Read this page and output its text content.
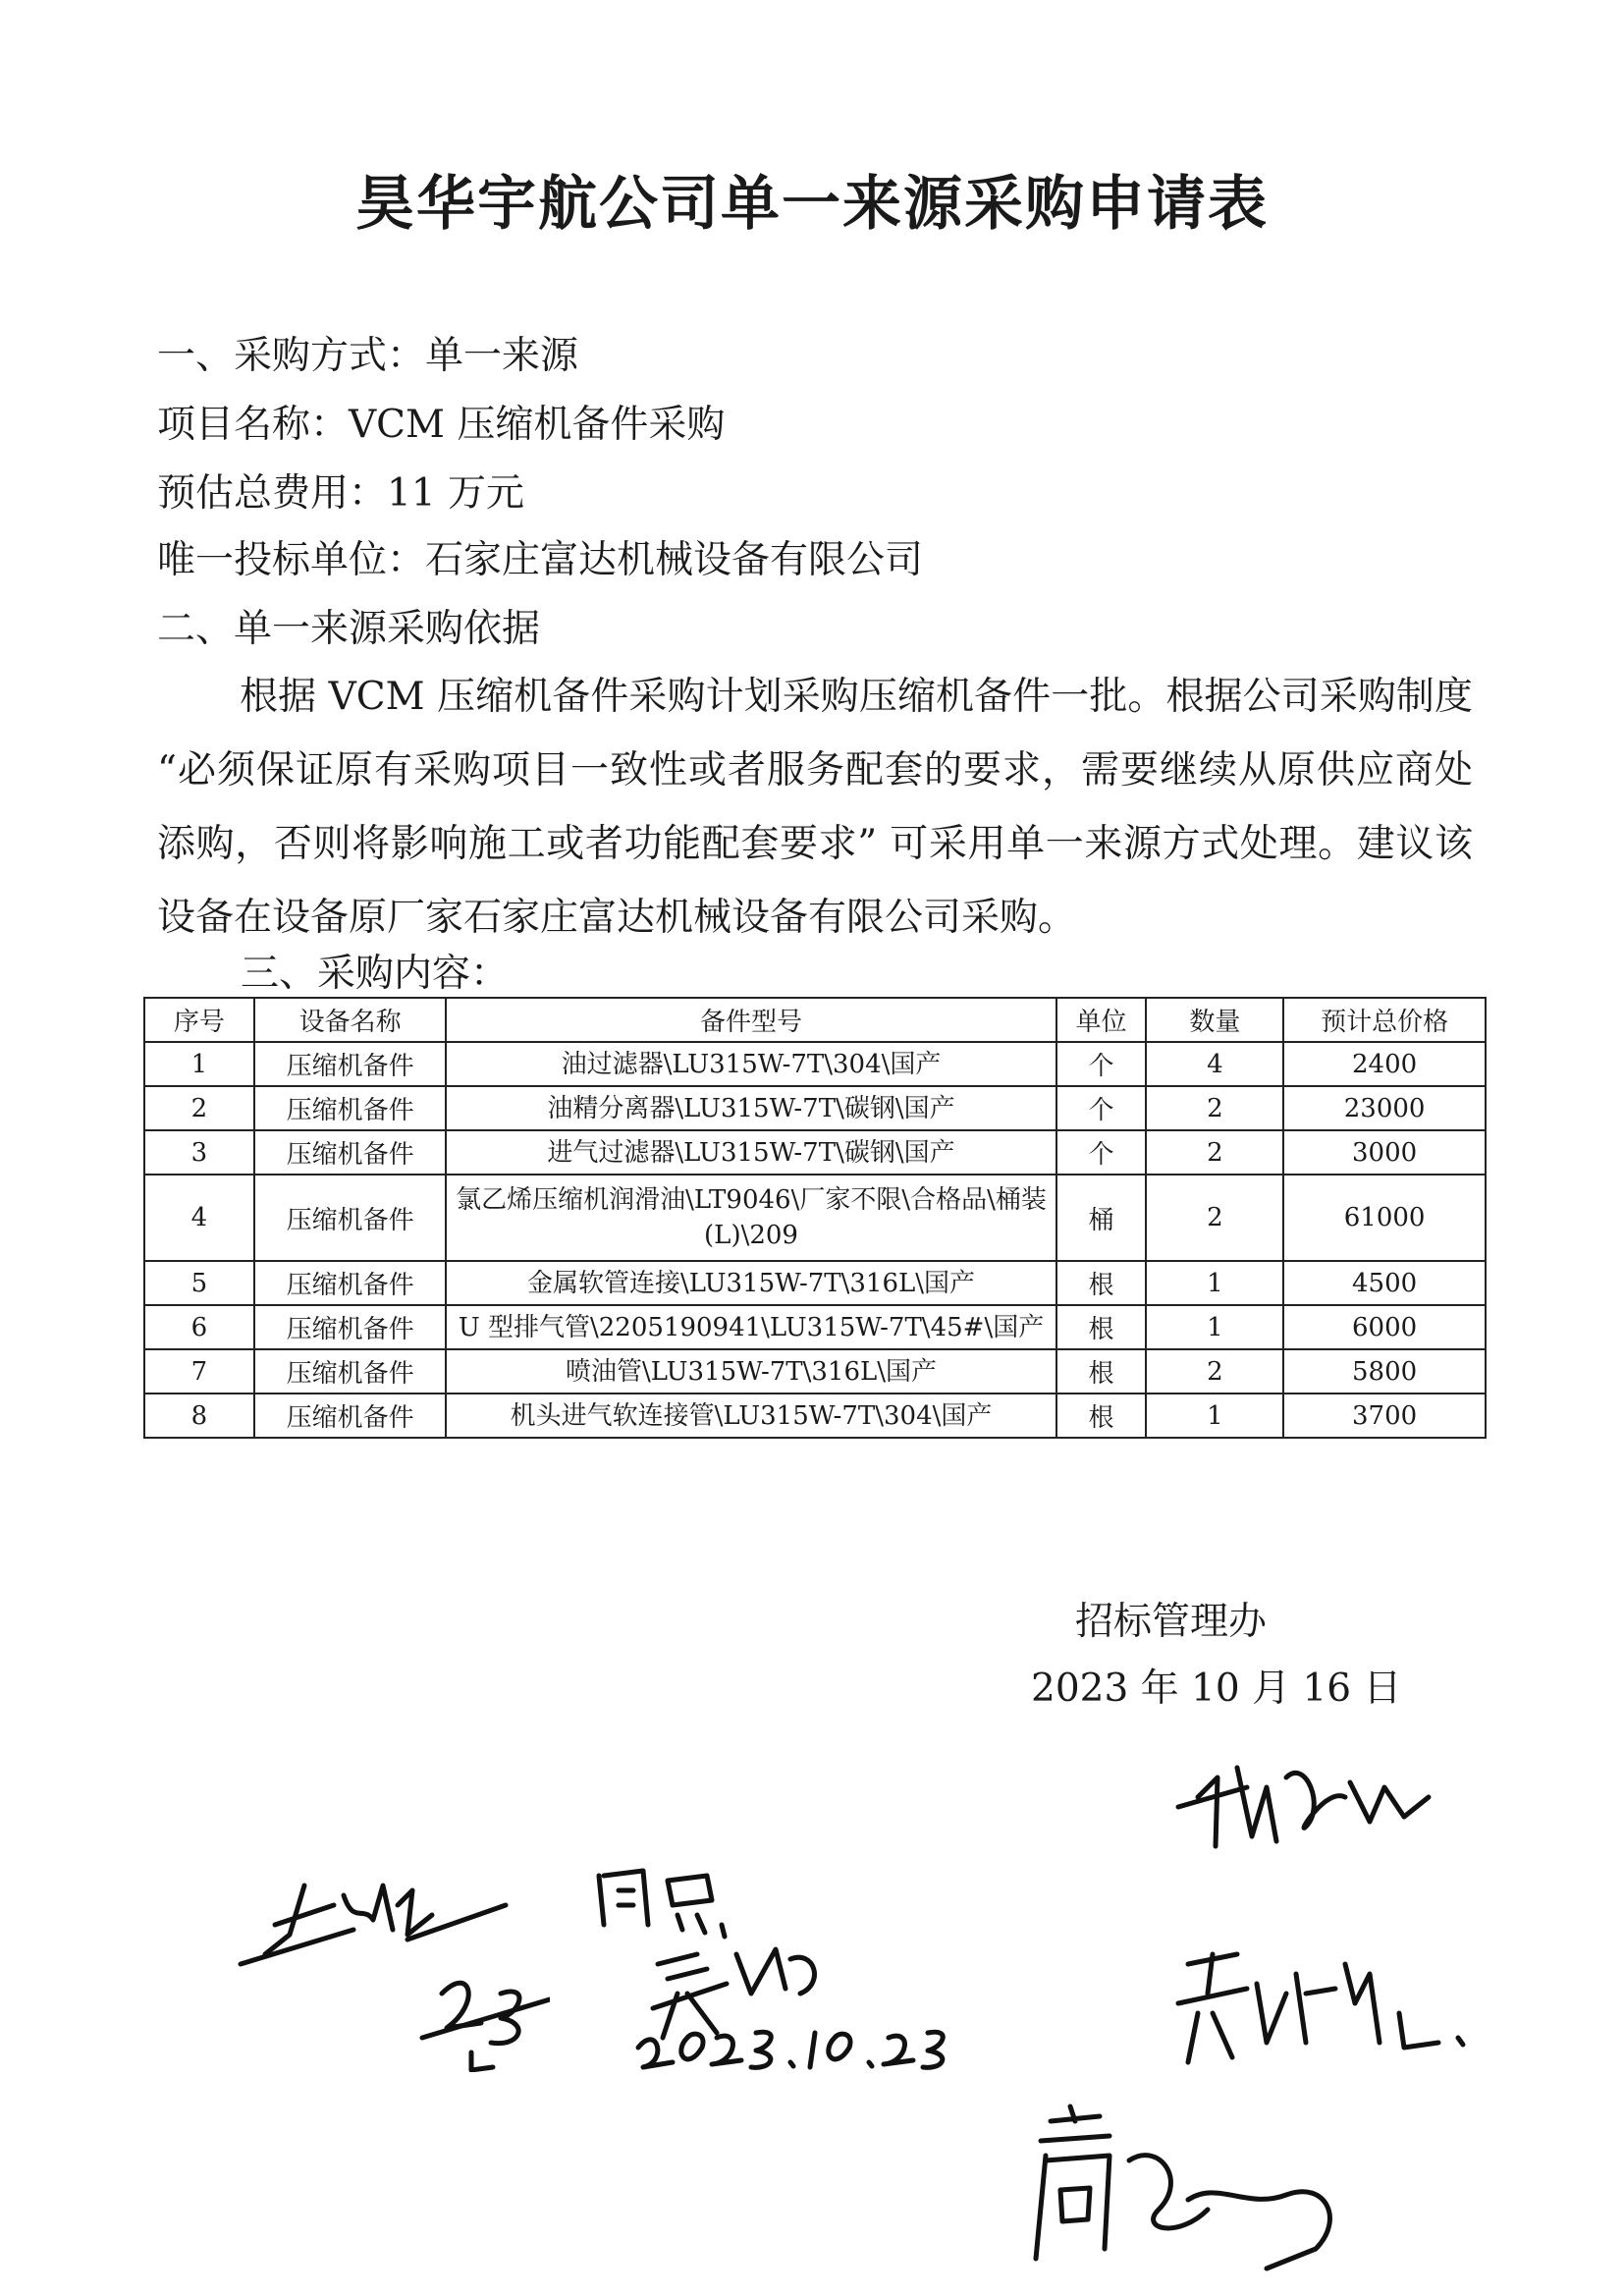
昊华宇航公司单一来源采购申请表
一、采购方式：单一来源
项目名称：VCM 压缩机备件采购
预估总费用：11 万元
唯一投标单位：石家庄富达机械设备有限公司
二、单一来源采购依据
根据 VCM 压缩机备件采购计划采购压缩机备件一批。根据公司采购制度 “必须保证原有采购项目一致性或者服务配套的要求，需要继续从原供应商处添购，否则将影响施工或者功能配套要求” 可采用单一来源方式处理。建议该设备在设备原厂家石家庄富达机械设备有限公司采购。
三、采购内容：
序号	设备名称	备件型号	单位	数量	预计总价格
1	压缩机备件	油过滤器\LU315W-7T\304\国产	个	4	2400
2	压缩机备件	油精分离器\LU315W-7T\碳钢\国产	个	2	23000
3	压缩机备件	进气过滤器\LU315W-7T\碳钢\国产	个	2	3000
4	压缩机备件	氯乙烯压缩机润滑油\LT9046\厂家不限\合格品\桶装(L)\209	桶	2	61000
5	压缩机备件	金属软管连接\LU315W-7T\316L\国产	根	1	4500
6	压缩机备件	U 型排气管\2205190941\LU315W-7T\45#\国产	根	1	6000
7	压缩机备件	喷油管\LU315W-7T\316L\国产	根	2	5800
8	压缩机备件	机头进气软连接管\LU315W-7T\304\国产	根	1	3700
招标管理办
2023 年 10 月 16 日
